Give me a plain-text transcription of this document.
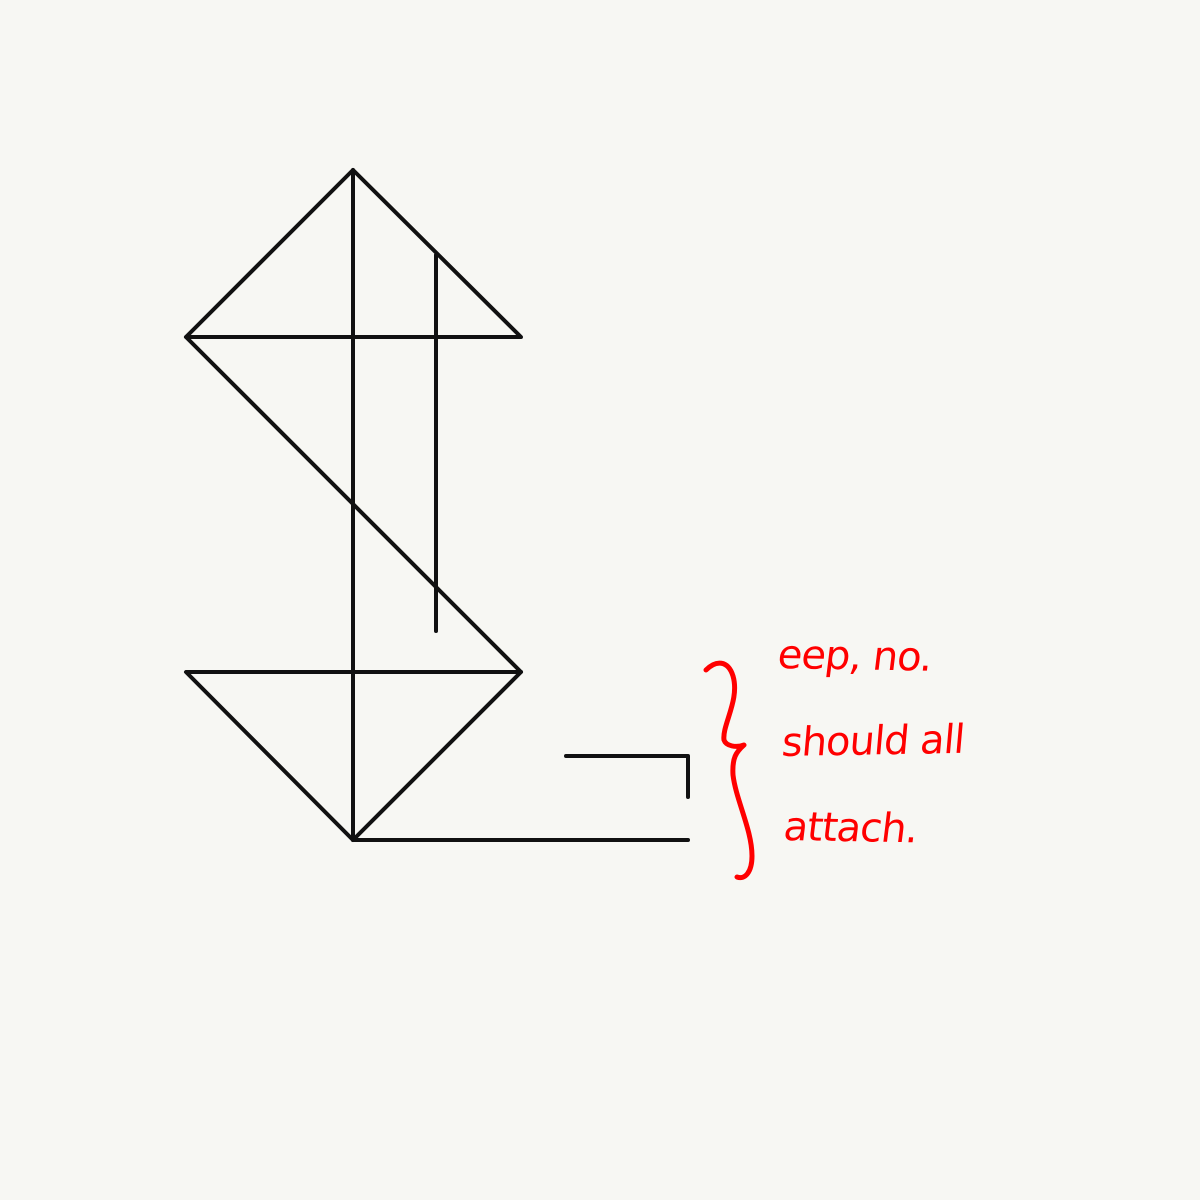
eep, no.
should all
attach.
